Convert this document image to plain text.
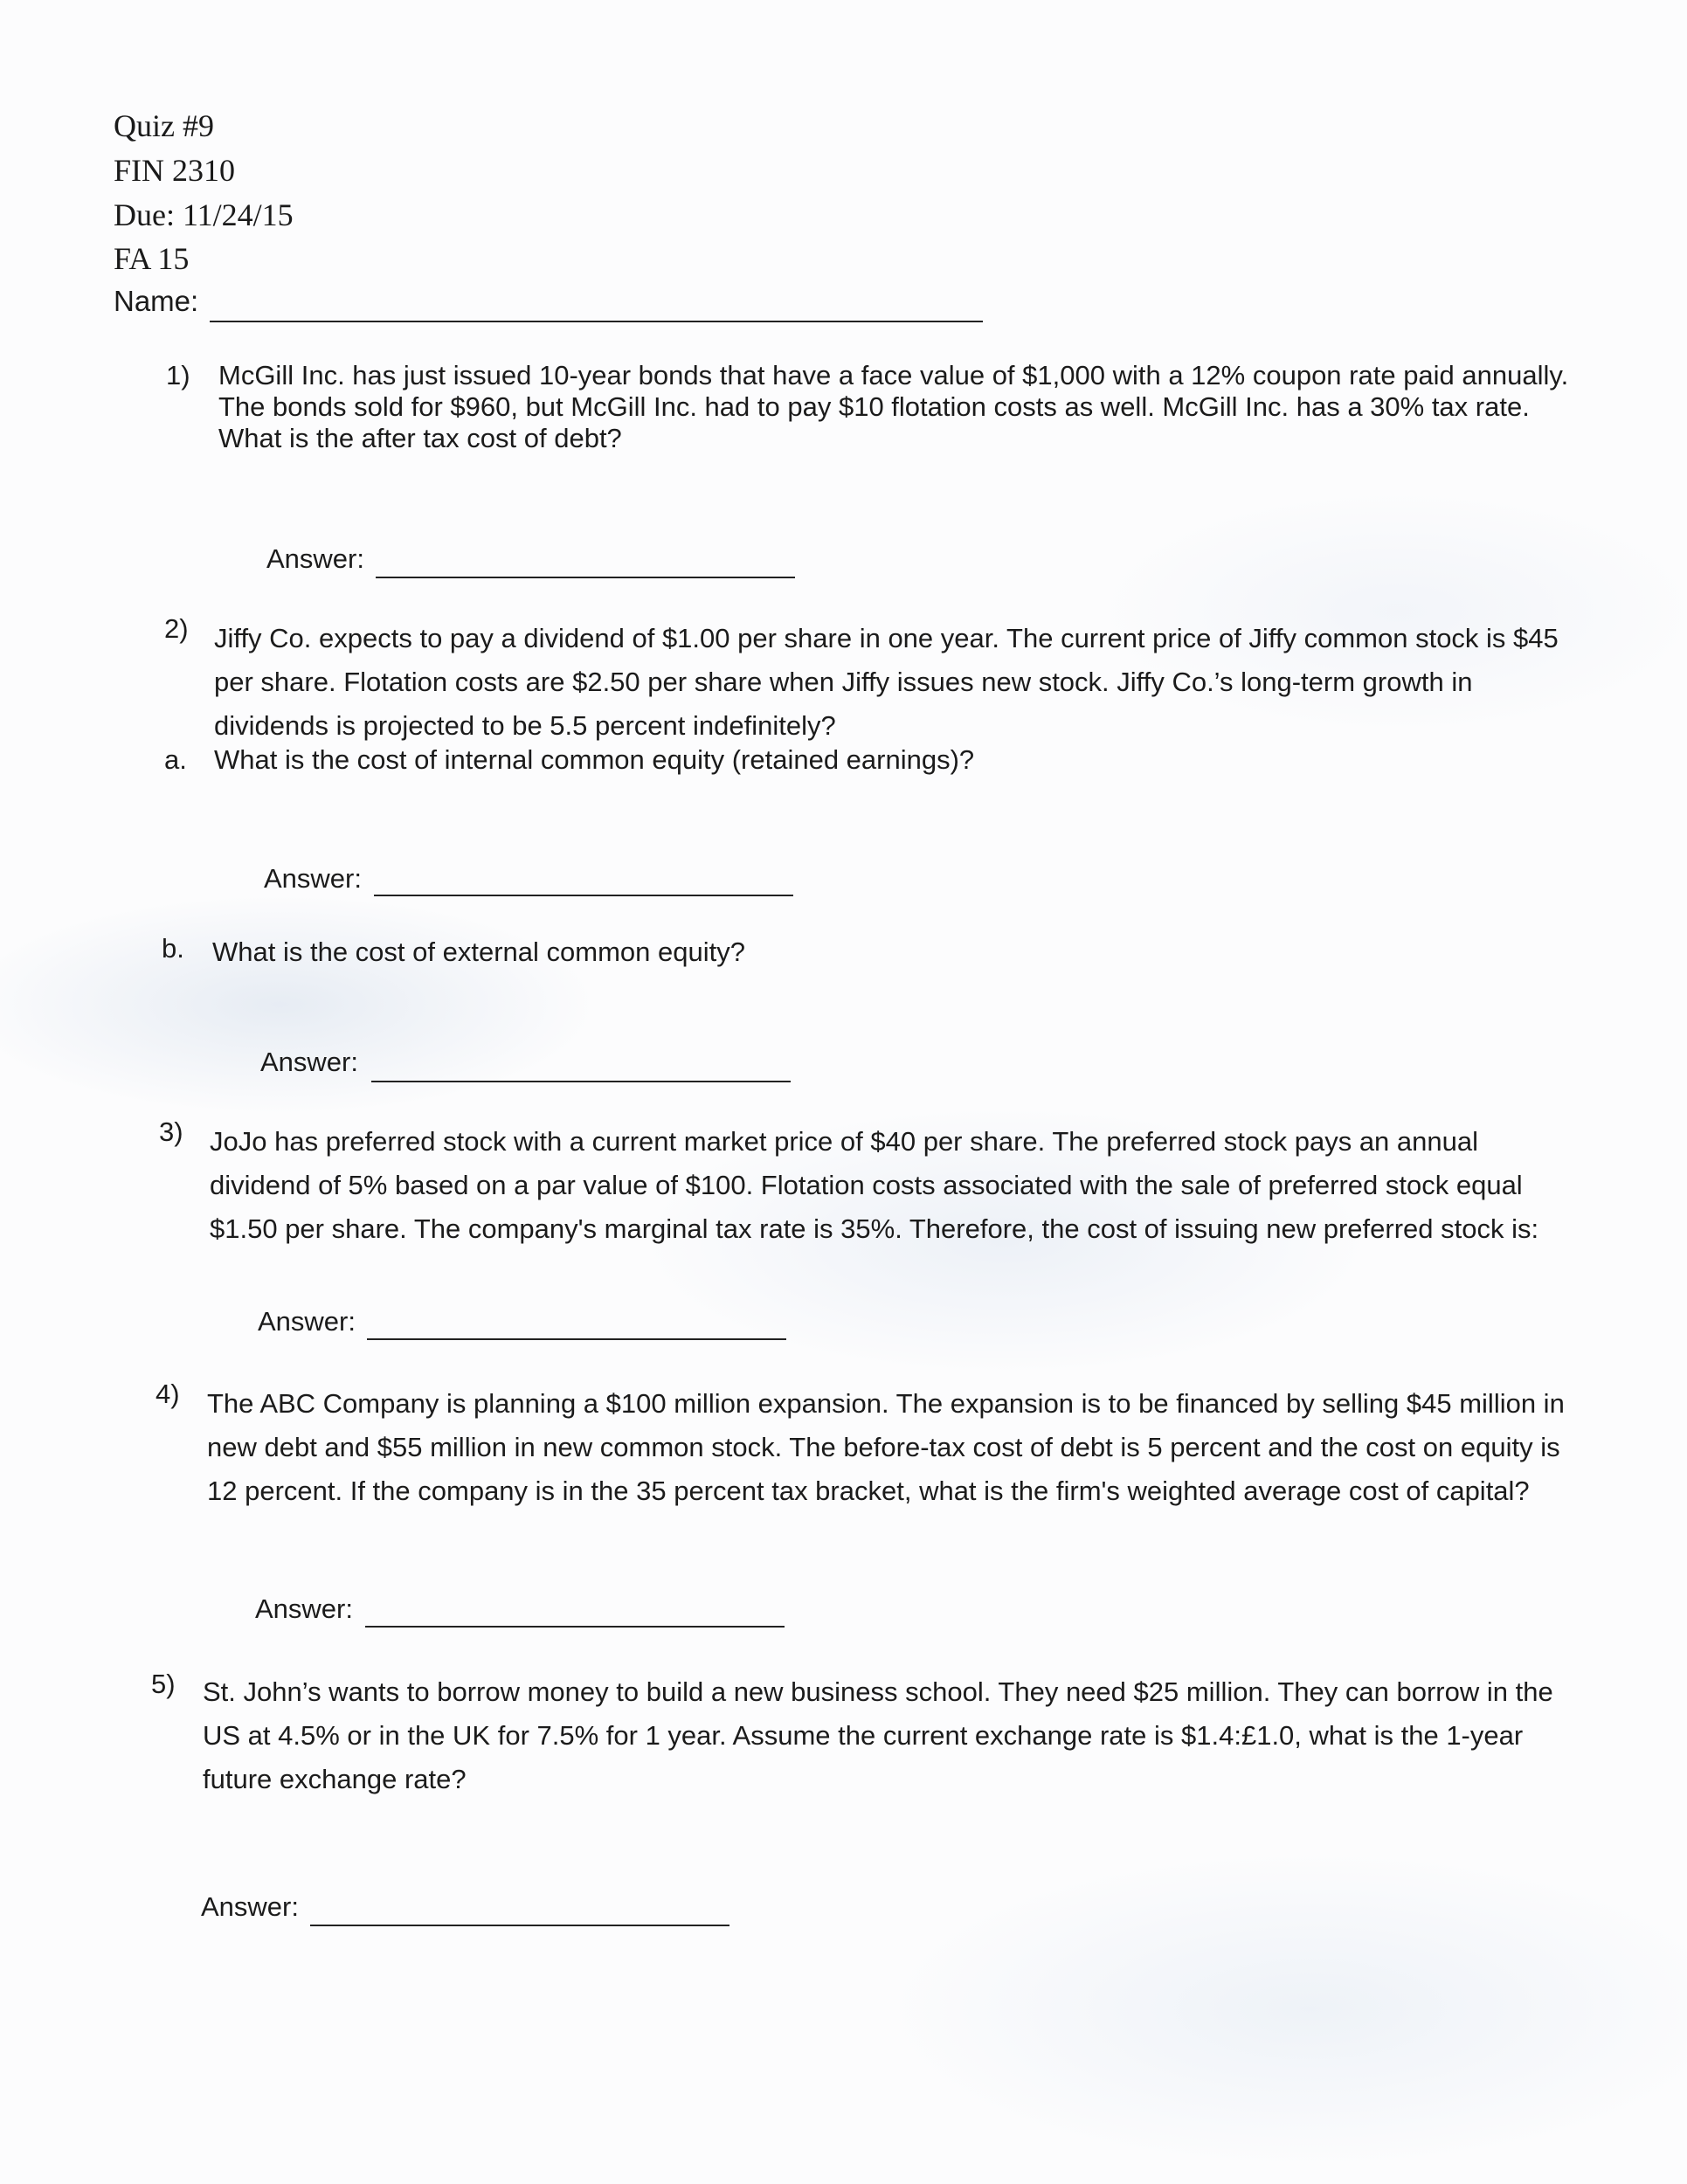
Quiz #9
FIN 2310
Due: 11/24/15
FA 15
Name:
1) McGill Inc. has just issued 10-year bonds that have a face value of $1,000 with a 12% coupon rate paid annually.
The bonds sold for $960, but McGill Inc. had to pay $10 flotation costs as well. McGill Inc. has a 30% tax rate.
What is the after tax cost of debt?
Answer:
2) Jiffy Co. expects to pay a dividend of $1.00 per share in one year. The current price of Jiffy common stock is $45
per share. Flotation costs are $2.50 per share when Jiffy issues new stock. Jiffy Co.’s long-term growth in
dividends is projected to be 5.5 percent indefinitely?
a. What is the cost of internal common equity (retained earnings)?
Answer:
b. What is the cost of external common equity?
Answer:
3) JoJo has preferred stock with a current market price of $40 per share. The preferred stock pays an annual
dividend of 5% based on a par value of $100. Flotation costs associated with the sale of preferred stock equal
$1.50 per share. The company's marginal tax rate is 35%. Therefore, the cost of issuing new preferred stock is:
Answer:
4) The ABC Company is planning a $100 million expansion. The expansion is to be financed by selling $45 million in
new debt and $55 million in new common stock. The before-tax cost of debt is 5 percent and the cost on equity is
12 percent. If the company is in the 35 percent tax bracket, what is the firm's weighted average cost of capital?
Answer:
5) St. John’s wants to borrow money to build a new business school. They need $25 million. They can borrow in the
US at 4.5% or in the UK for 7.5% for 1 year. Assume the current exchange rate is $1.4:£1.0, what is the 1-year
future exchange rate?
Answer:
